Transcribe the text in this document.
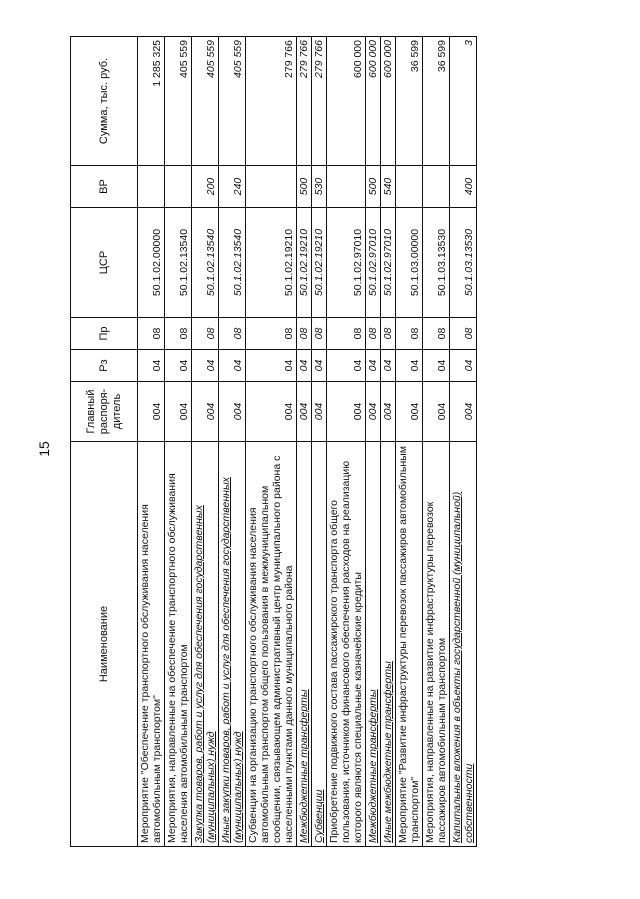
15
Наименование	Главный распоря-дитель	Рз	Пр	ЦСР	ВР	Сумма, тыс. руб.
Мероприятие "Обеспечение транспортного обслуживания населения автомобильным транспортом"	004	04	08	50.1.02.00000		1 285 325
Мероприятия, направленные на обеспечение транспортного обслуживания населения автомобильным транспортом	004	04	08	50.1.02.13540		405 559
Закупка товаров, работ и услуг для обеспечения государственных (муниципальных) нужд	004	04	08	50.1.02.13540	200	405 559
Иные закупки товаров, работ и услуг для обеспечения государственных (муниципальных) нужд	004	04	08	50.1.02.13540	240	405 559
Субвенции на организацию транспортного обслуживания населения автомобильным транспортом общего пользования в межмуниципальном сообщении, связывающем административный центр муниципального района с населенными пунктами данного муниципального района	004	04	08	50.1.02.19210		279 766
Межбюджетные трансферты	004	04	08	50.1.02.19210	500	279 766
Субвенции	004	04	08	50.1.02.19210	530	279 766
Приобретение подвижного состава пассажирского транспорта общего пользования, источником финансового обеспечения расходов на реализацию которого являются специальные казначейские кредиты	004	04	08	50.1.02.97010		600 000
Межбюджетные трансферты	004	04	08	50.1.02.97010	500	600 000
Иные межбюджетные трансферты	004	04	08	50.1.02.97010	540	600 000
Мероприятие "Развитие инфраструктуры перевозок пассажиров автомобильным транспортом"	004	04	08	50.1.03.00000		36 599
Мероприятия, направленные на развитие инфраструктуры перевозок пассажиров автомобильным транспортом	004	04	08	50.1.03.13530		36 599
Капитальные вложения в объекты государственной (муниципальной) собственности	004	04	08	50.1.03.13530	400	3
